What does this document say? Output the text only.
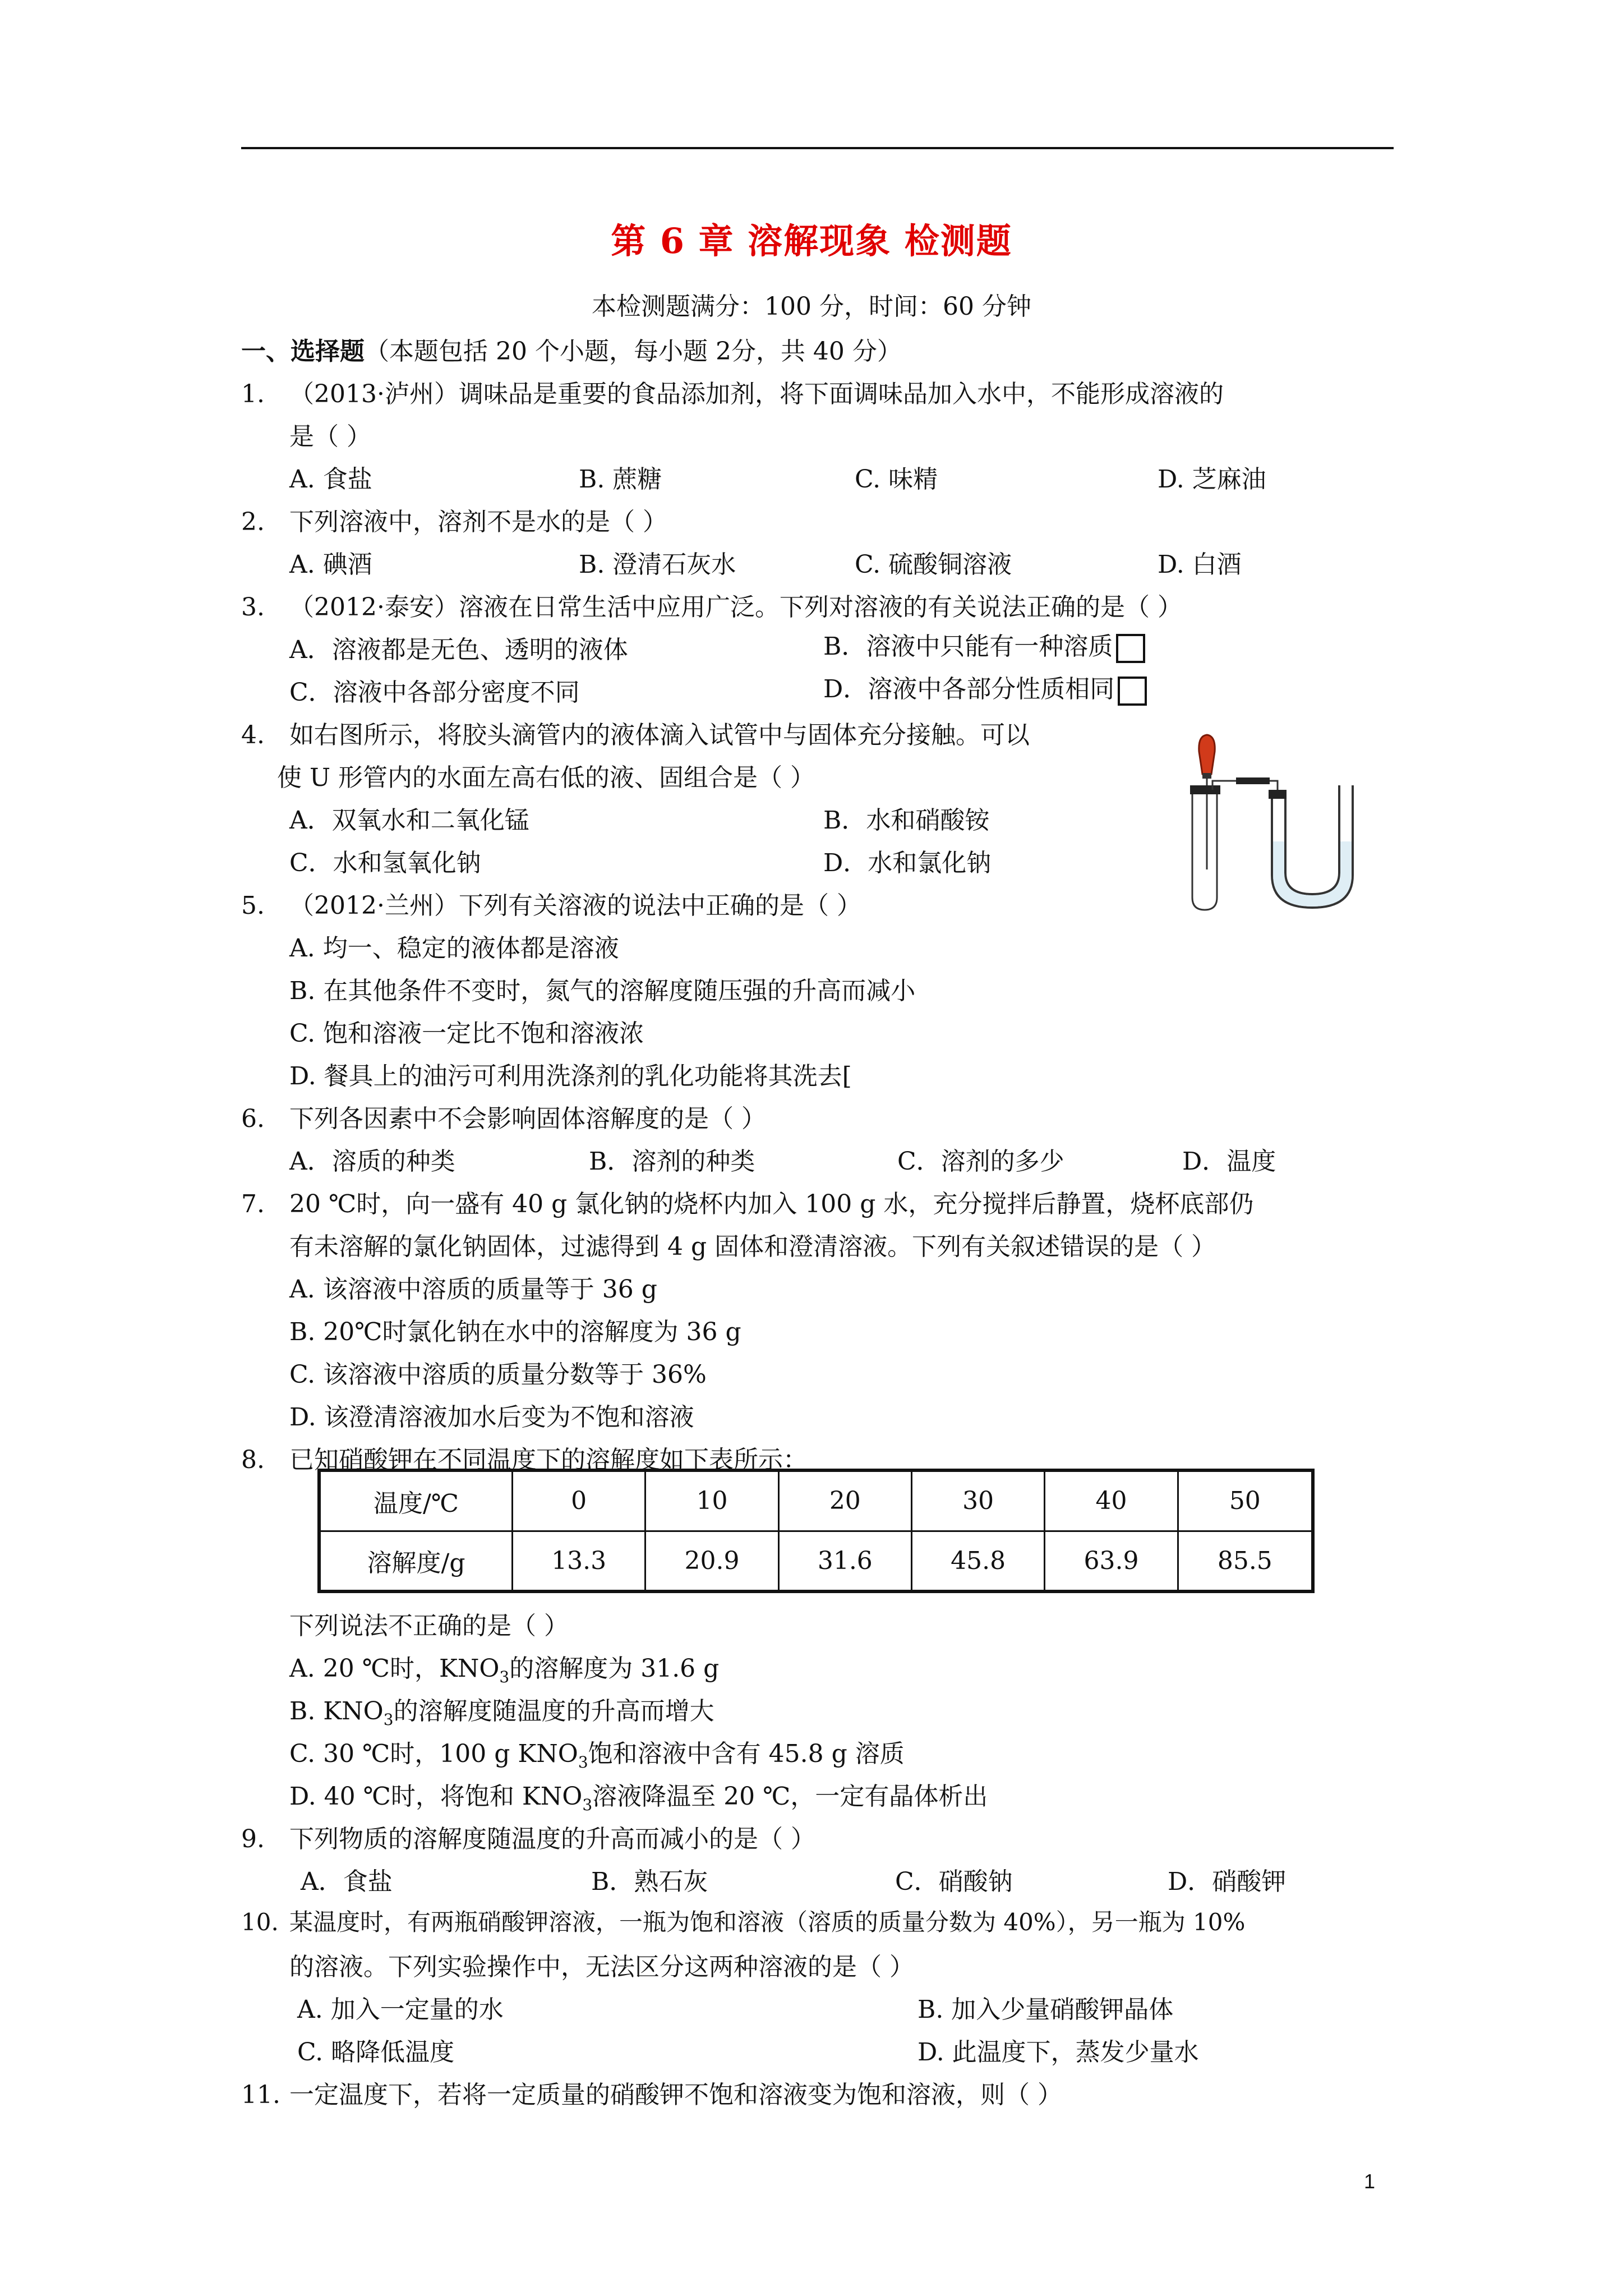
第 6 章 溶解现象 检测题
本检测题满分：100 分，时间：60 分钟
一、选择题（本题包括 20 个小题，每小题 2分，共 40 分）
1. （2013·泸州）调味品是重要的食品添加剂，将下面调味品加入水中，不能形成溶液的
是（ ）
A. 食盐	B. 蔗糖	C. 味精	D. 芝麻油
2. 下列溶液中，溶剂不是水的是（ ）
A. 碘酒	B. 澄清石灰水	C. 硫酸铜溶液	D. 白酒
3. （2012·泰安）溶液在日常生活中应用广泛。下列对溶液的有关说法正确的是（ ）
A．溶液都是无色、透明的液体	B．溶液中只能有一种溶质
C．溶液中各部分密度不同	D．溶液中各部分性质相同
4. 如右图所示，将胶头滴管内的液体滴入试管中与固体充分接触。可以
使 U 形管内的水面左高右低的液、固组合是（ ）
A．双氧水和二氧化锰	B．水和硝酸铵
C．水和氢氧化钠	D．水和氯化钠
5. （2012·兰州）下列有关溶液的说法中正确的是（ ）
A. 均一、稳定的液体都是溶液
B. 在其他条件不变时，氮气的溶解度随压强的升高而减小
C. 饱和溶液一定比不饱和溶液浓
D. 餐具上的油污可利用洗涤剂的乳化功能将其洗去[
6. 下列各因素中不会影响固体溶解度的是（ ）
A．溶质的种类	B．溶剂的种类	C．溶剂的多少	D．温度
7. 20 ℃时，向一盛有 40 g 氯化钠的烧杯内加入 100 g 水，充分搅拌后静置，烧杯底部仍
有未溶解的氯化钠固体，过滤得到 4 g 固体和澄清溶液。下列有关叙述错误的是（ ）
A. 该溶液中溶质的质量等于 36 g
B. 20℃时氯化钠在水中的溶解度为 36 g
C. 该溶液中溶质的质量分数等于 36%
D. 该澄清溶液加水后变为不饱和溶液
8. 已知硝酸钾在不同温度下的溶解度如下表所示：
温度/℃	0	10	20	30	40	50
溶解度/g	13.3	20.9	31.6	45.8	63.9	85.5
下列说法不正确的是（ ）
A. 20 ℃时，$KNO_3$的溶解度为 31.6 g
B. $KNO_3$的溶解度随温度的升高而增大
C. 30 ℃时，100 g $KNO_3$饱和溶液中含有 45.8 g 溶质
D. 40 ℃时，将饱和 $KNO_3$溶液降温至 20 ℃，一定有晶体析出
9. 下列物质的溶解度随温度的升高而减小的是（ ）
A．食盐	B．熟石灰	C．硝酸钠	D．硝酸钾
10. 某温度时，有两瓶硝酸钾溶液，一瓶为饱和溶液（溶质的质量分数为 40%），另一瓶为 10%
的溶液。下列实验操作中，无法区分这两种溶液的是（ ）
A. 加入一定量的水	B. 加入少量硝酸钾晶体
C. 略降低温度	D. 此温度下，蒸发少量水
11. 一定温度下，若将一定质量的硝酸钾不饱和溶液变为饱和溶液，则（ ）
1
